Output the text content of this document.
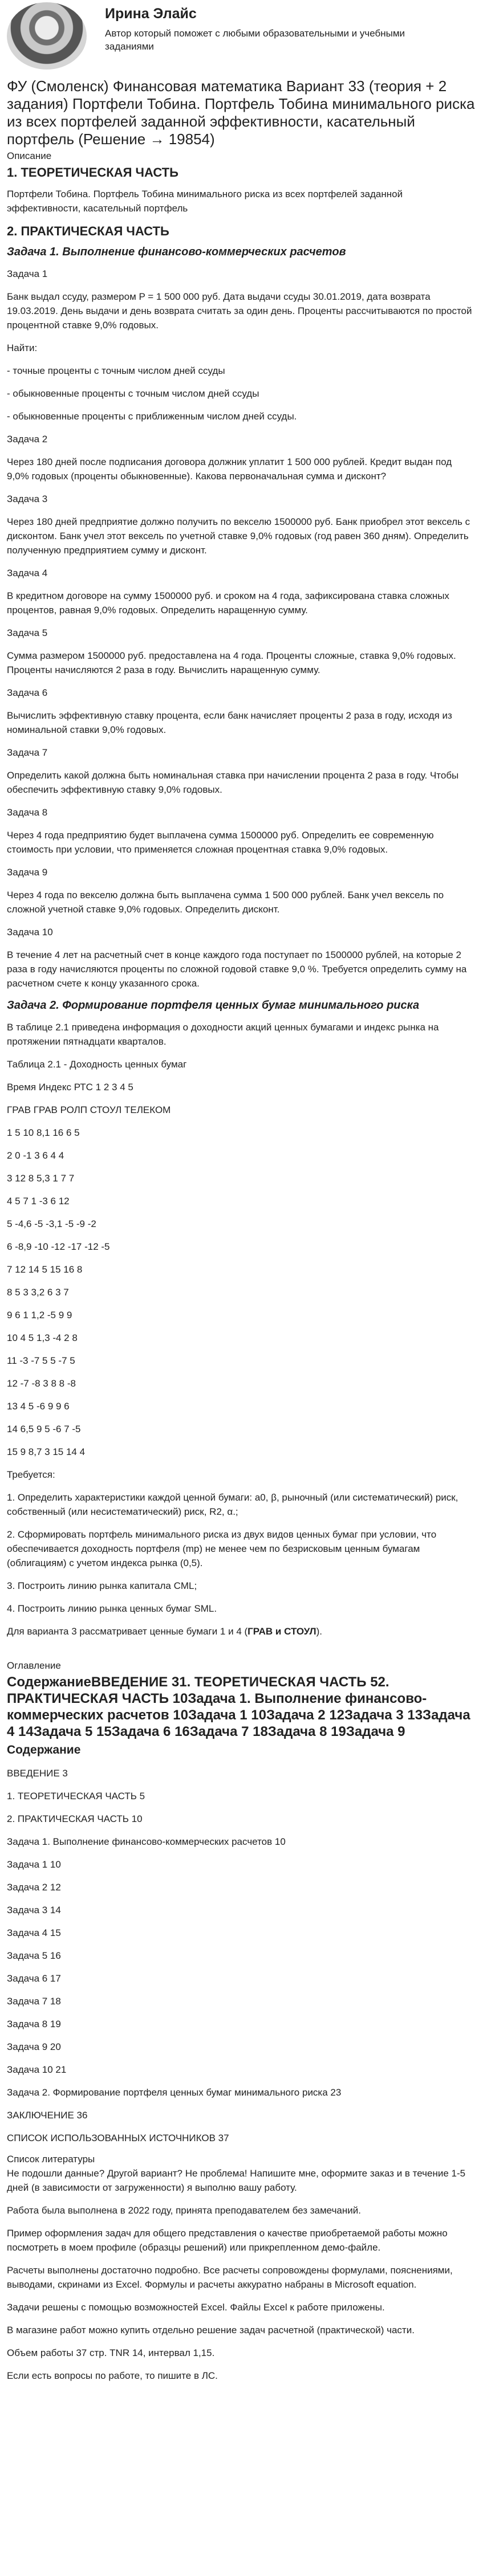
Ирина Элайс
Автор который поможет с любыми образовательными и учебными заданиями
ФУ (Смоленск) Финансовая математика Вариант 33 (теория + 2 задания) Портфели Тобина. Портфель Тобина минимального риска из всех портфелей заданной эффективности, касательный портфель (Решение → 19854)
Описание
1. ТЕОРЕТИЧЕСКАЯ ЧАСТЬ

Портфели Тобина. Портфель Тобина минимального риска из всех портфелей заданной эффективности, касательный портфель

2. ПРАКТИЧЕСКАЯ ЧАСТЬ
Задача 1. Выполнение финансово-коммерческих расчетов

Задача 1

Банк выдал ссуду, размером P = 1 500 000 руб. Дата выдачи ссуды 30.01.2019, дата возврата 19.03.2019. День выдачи и день возврата считать за один день. Проценты рассчитываются по простой процентной ставке 9,0% годовых.

Найти:

- точные проценты с точным числом дней ссуды

- обыкновенные проценты с точным числом дней ссуды

- обыкновенные проценты с приближенным числом дней ссуды.

Задача 2

Через 180 дней после подписания договора должник уплатит 1 500 000 рублей. Кредит выдан под 9,0% годовых (проценты обыкновенные). Какова первоначальная сумма и дисконт?

Задача 3

Через 180 дней предприятие должно получить по векселю 1500000 руб. Банк приобрел этот вексель с дисконтом. Банк учел этот вексель по учетной ставке 9,0% годовых (год равен 360 дням). Определить полученную предприятием сумму и дисконт.

Задача 4

В кредитном договоре на сумму 1500000 руб. и сроком на 4 года, зафиксирована ставка сложных процентов, равная 9,0% годовых. Определить наращенную сумму.

Задача 5

Сумма размером 1500000 руб. предоставлена на 4 года. Проценты сложные, ставка 9,0% годовых. Проценты начисляются 2 раза в году. Вычислить наращенную сумму.

Задача 6

Вычислить эффективную ставку процента, если банк начисляет проценты 2 раза в году, исходя из номинальной ставки 9,0% годовых.

Задача 7

Определить какой должна быть номинальная ставка при начислении процента 2 раза в году. Чтобы обеспечить эффективную ставку 9,0% годовых.

Задача 8

Через 4 года предприятию будет выплачена сумма 1500000 руб. Определить ее современную стоимость при условии, что применяется сложная процентная ставка 9,0% годовых.

Задача 9

Через 4 года по векселю должна быть выплачена сумма 1 500 000 рублей. Банк учел вексель по сложной учетной ставке 9,0% годовых. Определить дисконт.

Задача 10

В течение 4 лет на расчетный счет в конце каждого года поступает по 1500000 рублей, на которые 2 раза в году начисляются проценты по сложной годовой ставке 9,0 %. Требуется определить сумму на расчетном счете к концу указанного срока.

Задача 2. Формирование портфеля ценных бумаг минимального риска

В таблице 2.1 приведена информация о доходности акций ценных бумагами и индекс рынка на протяжении пятнадцати кварталов.

Таблица 2.1 - Доходность ценных бумаг

Время Индекс РТС 1 2 3 4 5

ГРАВ ГРАВ РОЛП СТОУЛ ТЕЛЕКОМ

1 5 10 8,1 16 6 5

2 0 -1 3 6 4 4

3 12 8 5,3 1 7 7

4 5 7 1 -3 6 12

5 -4,6 -5 -3,1 -5 -9 -2

6 -8,9 -10 -12 -17 -12 -5

7 12 14 5 15 16 8

8 5 3 3,2 6 3 7

9 6 1 1,2 -5 9 9

10 4 5 1,3 -4 2 8

11 -3 -7 5 5 -7 5

12 -7 -8 3 8 8 -8

13 4 5 -6 9 9 6

14 6,5 9 5 -6 7 -5

15 9 8,7 3 15 14 4

Требуется:

1. Определить характеристики каждой ценной бумаги: a0, β, рыночный (или систематический) риск, собственный (или несистематический) риск, R2, α.;

2. Сформировать портфель минимального риска из двух видов ценных бумаг при условии, что обеспечивается доходность портфеля (mp) не менее чем по безрисковым ценным бумагам (облигациям) с учетом индекса рынка (0,5).

3. Построить линию рынка капитала CML;

4. Построить линию рынка ценных бумаг SML.

Для варианта 3 рассматривает ценные бумаги 1 и 4 (ГРАВ и СТОУЛ).

Оглавление
СодержаниеВВЕДЕНИЕ 31. ТЕОРЕТИЧЕСКАЯ ЧАСТЬ 52. ПРАКТИЧЕСКАЯ ЧАСТЬ 10Задача 1. Выполнение финансово-коммерческих расчетов 10Задача 1 10Задача 2 12Задача 3 13Задача 4 14Задача 5 15Задача 6 16Задача 7 18Задача 8 19Задача 9
Содержание

ВВЕДЕНИЕ 3

1. ТЕОРЕТИЧЕСКАЯ ЧАСТЬ 5

2. ПРАКТИЧЕСКАЯ ЧАСТЬ 10

Задача 1. Выполнение финансово-коммерческих расчетов 10

Задача 1 10

Задача 2 12

Задача 3 14

Задача 4 15

Задача 5 16

Задача 6 17

Задача 7 18

Задача 8 19

Задача 9 20

Задача 10 21

Задача 2. Формирование портфеля ценных бумаг минимального риска 23

ЗАКЛЮЧЕНИЕ 36

СПИСОК ИСПОЛЬЗОВАННЫХ ИСТОЧНИКОВ 37

Список литературы

Не подошли данные? Другой вариант? Не проблема! Напишите мне, оформите заказ и в течение 1-5 дней (в зависимости от загруженности) я выполню вашу работу.

Работа была выполнена в 2022 году, принята преподавателем без замечаний.

Пример оформления задач для общего представления о качестве приобретаемой работы можно посмотреть в моем профиле (образцы решений) или прикрепленном демо-файле.

Расчеты выполнены достаточно подробно. Все расчеты сопровождены формулами, пояснениями, выводами, скринами из Excel. Формулы и расчеты аккуратно набраны в Microsoft equation.

Задачи решены с помощью возможностей Excel. Файлы Excel к работе приложены.

В магазине работ можно купить отдельно решение задач расчетной (практической) части.

Объем работы 37 стр. TNR 14, интервал 1,15.

Если есть вопросы по работе, то пишите в ЛС.
